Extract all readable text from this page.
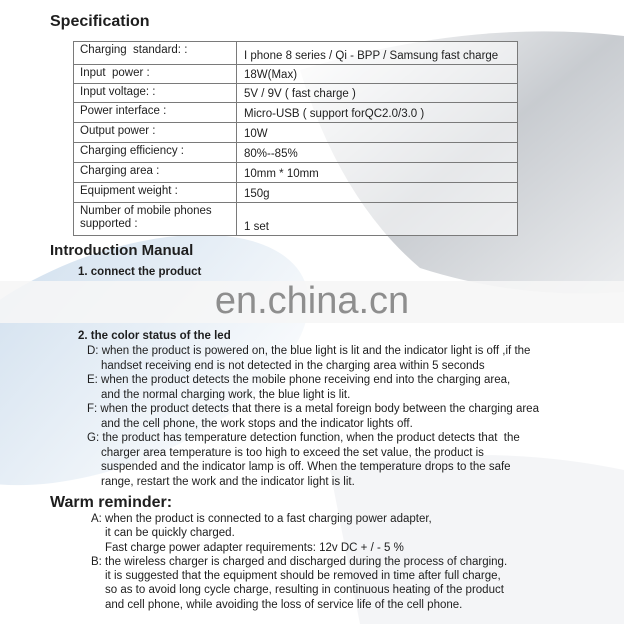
Specification
Charging  standard: :	I phone 8 series / Qi - BPP / Samsung fast charge
Input  power :	18W(Max)
Input voltage: :	5V / 9V ( fast charge )
Power interface :	Micro-USB ( support forQC2.0/3.0 )
Output power :	10W
Charging efficiency :	80%--85%
Charging area :	10mm * 10mm
Equipment weight :	150g
Number of mobile phones supported :	1 set
Introduction Manual
1. connect the product
en.china.cn
2. the color status of the led
D: when the product is powered on, the blue light is lit and the indicator light is off ,if the
handset receiving end is not detected in the charging area within 5 seconds
E: when the product detects the mobile phone receiving end into the charging area,
and the normal charging work, the blue light is lit.
F: when the product detects that there is a metal foreign body between the charging area
and the cell phone, the work stops and the indicator lights off.
G: the product has temperature detection function, when the product detects that  the
charger area temperature is too high to exceed the set value, the product is
suspended and the indicator lamp is off. When the temperature drops to the safe
range, restart the work and the indicator light is lit.
Warm reminder:
A: when the product is connected to a fast charging power adapter,
it can be quickly charged.
Fast charge power adapter requirements: 12v DC + / - 5 %
B: the wireless charger is charged and discharged during the process of charging.
it is suggested that the equipment should be removed in time after full charge,
so as to avoid long cycle charge, resulting in continuous heating of the product
and cell phone, while avoiding the loss of service life of the cell phone.
